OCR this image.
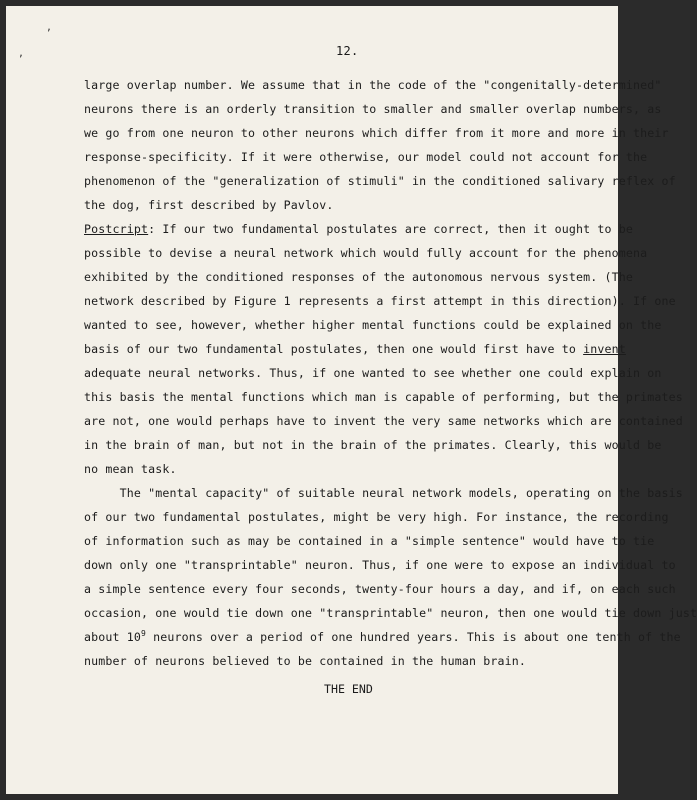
,
,	12.
large overlap number. We assume that in the code of the "congenitally-determined"
neurons there is an orderly transition to smaller and smaller overlap numbers, as
we go from one neuron to other neurons which differ from it more and more in their
response-specificity. If it were otherwise, our model could not account for the
phenomenon of the "generalization of stimuli" in the conditioned salivary reflex of
the dog, first described by Pavlov.
Postcript: If our two fundamental postulates are correct, then it ought to be
possible to devise a neural network which would fully account for the phenomena
exhibited by the conditioned responses of the autonomous nervous system. (The
network described by Figure 1 represents a first attempt in this direction). If one
wanted to see, however, whether higher mental functions could be explained on the
basis of our two fundamental postulates, then one would first have to invent
adequate neural networks. Thus, if one wanted to see whether one could explain on
this basis the mental functions which man is capable of performing, but the primates
are not, one would perhaps have to invent the very same networks which are contained
in the brain of man, but not in the brain of the primates. Clearly, this would be
no mean task.
The "mental capacity" of suitable neural network models, operating on the basis
of our two fundamental postulates, might be very high. For instance, the recording
of information such as may be contained in a "simple sentence" would have to tie
down only one "transprintable" neuron. Thus, if one were to expose an individual to
a simple sentence every four seconds, twenty-four hours a day, and if, on each such
occasion, one would tie down one "transprintable" neuron, then one would tie down just
about $10^9$ neurons over a period of one hundred years. This is about one tenth of the
number of neurons believed to be contained in the human brain.
THE END
